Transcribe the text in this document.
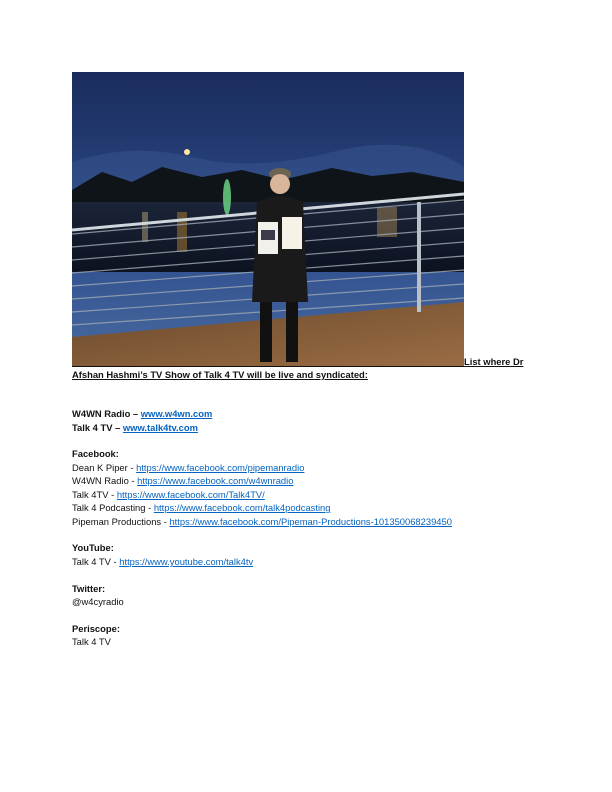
List where Dr
Afshan Hashmi’s TV Show of Talk 4 TV will be live and syndicated:
W4WN Radio – www.w4wn.com
Talk 4 TV – www.talk4tv.com
Facebook:
Dean K Piper - https://www.facebook.com/pipemanradio
W4WN Radio - https://www.facebook.com/w4wnradio
Talk 4TV - https://www.facebook.com/Talk4TV/
Talk 4 Podcasting - https://www.facebook.com/talk4podcasting
Pipeman Productions - https://www.facebook.com/Pipeman-Productions-101350068239450
YouTube:
Talk 4 TV - https://www.youtube.com/talk4tv
Twitter:
@w4cyradio
Periscope:
Talk 4 TV
